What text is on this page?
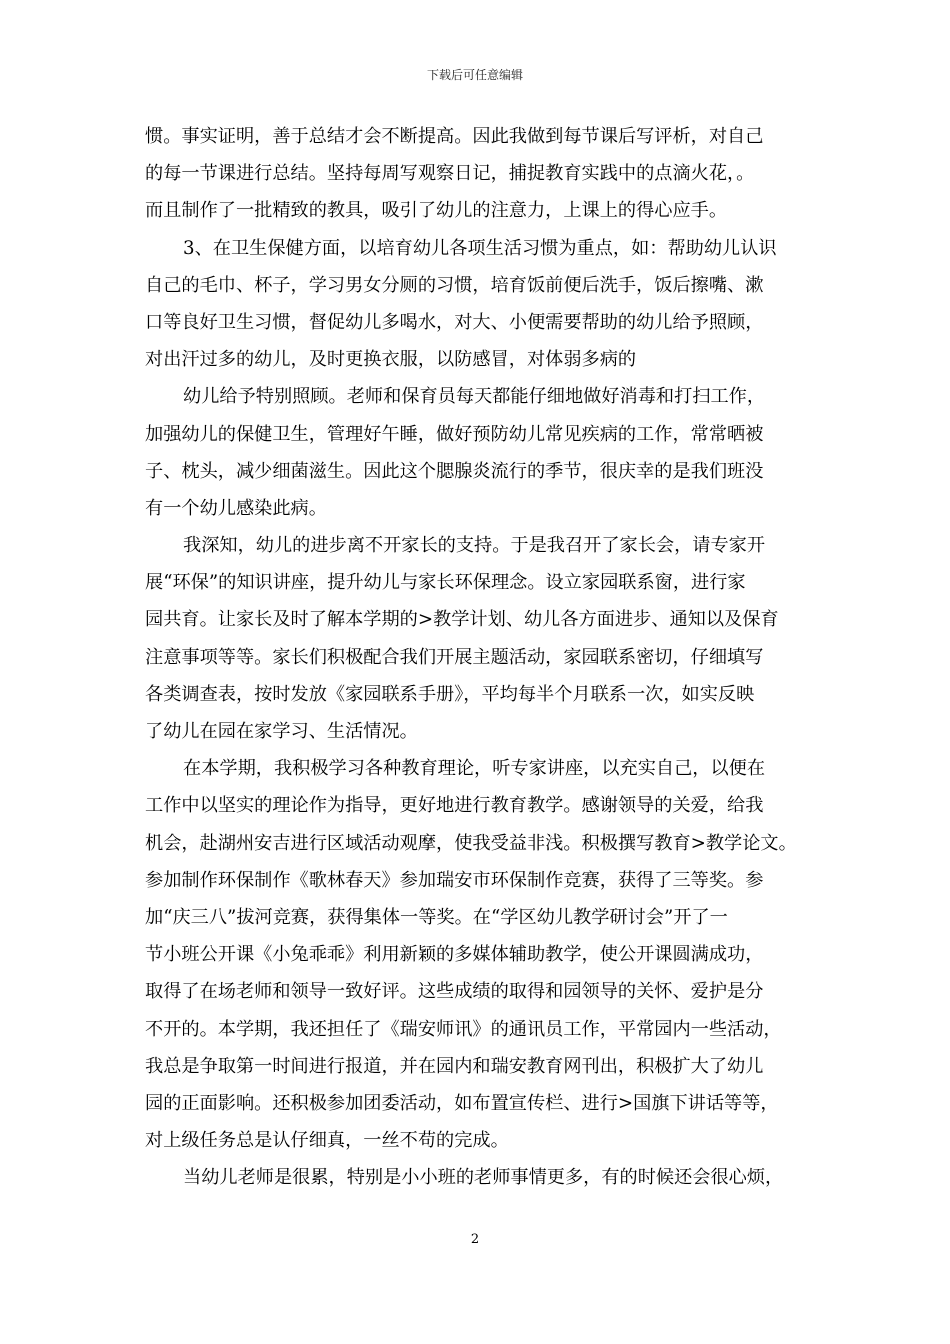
下载后可任意编辑
惯。事实证明，善于总结才会不断提高。因此我做到每节课后写评析，对自己
的每一节课进行总结。坚持每周写观察日记，捕捉教育实践中的点滴火花，。
而且制作了一批精致的教具，吸引了幼儿的注意力，上课上的得心应手。
3、在卫生保健方面，以培育幼儿各项生活习惯为重点，如：帮助幼儿认识
自己的毛巾、杯子，学习男女分厕的习惯，培育饭前便后洗手，饭后擦嘴、漱
口等良好卫生习惯，督促幼儿多喝水，对大、小便需要帮助的幼儿给予照顾，
对出汗过多的幼儿，及时更换衣服，以防感冒，对体弱多病的
幼儿给予特别照顾。老师和保育员每天都能仔细地做好消毒和打扫工作，
加强幼儿的保健卫生，管理好午睡，做好预防幼儿常见疾病的工作，常常晒被
子、枕头，减少细菌滋生。因此这个腮腺炎流行的季节，很庆幸的是我们班没
有一个幼儿感染此病。
我深知，幼儿的进步离不开家长的支持。于是我召开了家长会，请专家开
展“环保”的知识讲座，提升幼儿与家长环保理念。设立家园联系窗，进行家
园共育。让家长及时了解本学期的>教学计划、幼儿各方面进步、通知以及保育
注意事项等等。家长们积极配合我们开展主题活动，家园联系密切，仔细填写
各类调查表，按时发放《家园联系手册》，平均每半个月联系一次，如实反映
了幼儿在园在家学习、生活情况。
在本学期，我积极学习各种教育理论，听专家讲座，以充实自己，以便在
工作中以坚实的理论作为指导，更好地进行教育教学。感谢领导的关爱，给我
机会，赴湖州安吉进行区域活动观摩，使我受益非浅。积极撰写教育>教学论文。
参加制作环保制作《歌林春天》参加瑞安市环保制作竞赛，获得了三等奖。参
加“庆三八”拔河竞赛，获得集体一等奖。在“学区幼儿教学研讨会”开了一
节小班公开课《小兔乖乖》利用新颖的多媒体辅助教学，使公开课圆满成功，
取得了在场老师和领导一致好评。这些成绩的取得和园领导的关怀、爱护是分
不开的。本学期，我还担任了《瑞安师讯》的通讯员工作，平常园内一些活动，
我总是争取第一时间进行报道，并在园内和瑞安教育网刊出，积极扩大了幼儿
园的正面影响。还积极参加团委活动，如布置宣传栏、进行>国旗下讲话等等，
对上级任务总是认仔细真，一丝不苟的完成。
当幼儿老师是很累，特别是小小班的老师事情更多，有的时候还会很心烦，
2
